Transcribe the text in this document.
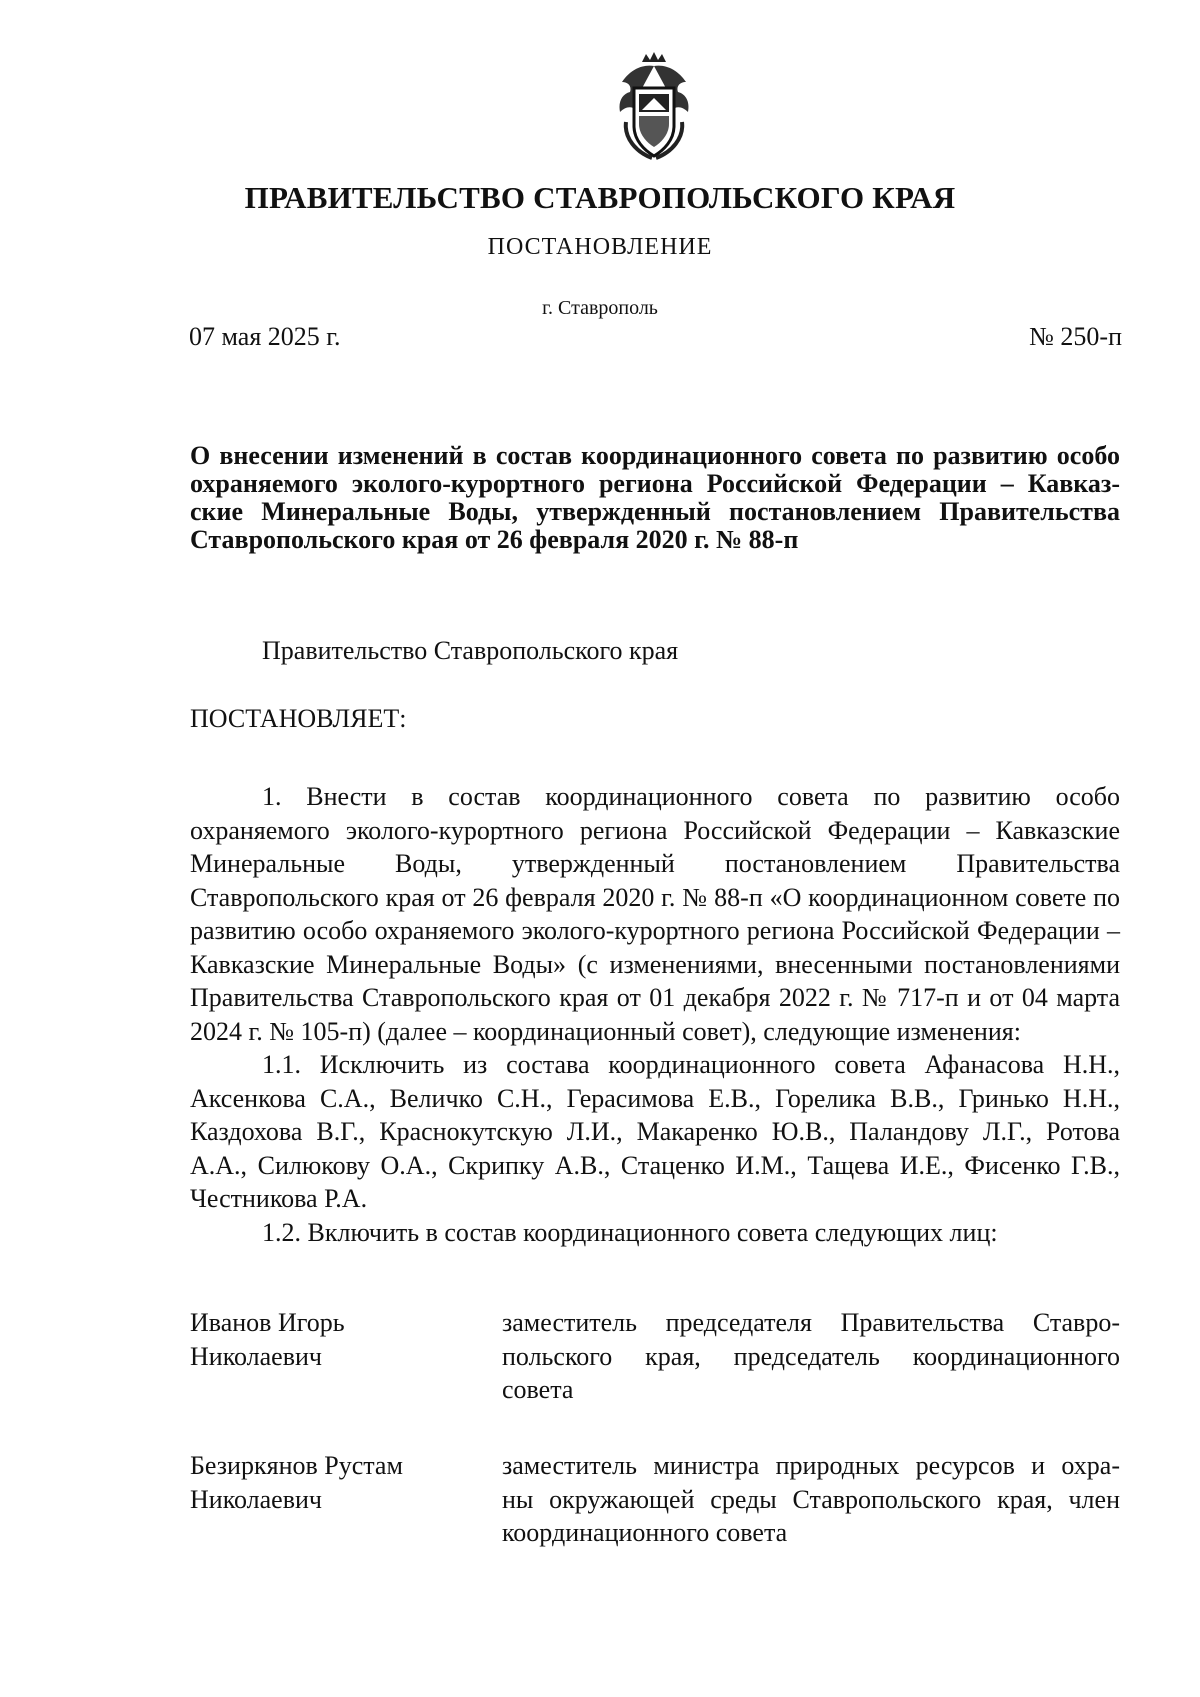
ПРАВИТЕЛЬСТВО СТАВРОПОЛЬСКОГО КРАЯ
ПОСТАНОВЛЕНИЕ
г. Ставрополь
07 мая 2025 г.	№ 250-п
О внесении изменений в состав координационного совета по развитию особо
охраняемого эколого-курортного региона Российской Федерации – Кавказ-
ские Минеральные Воды, утвержденный постановлением Правительства
Ставропольского края от 26 февраля 2020 г. № 88-п
Правительство Ставропольского края
ПОСТАНОВЛЯЕТ:

1. Внести в состав координационного совета по развитию особо охраняемого эколого-курортного региона Российской Федерации – Кавказские Минеральные Воды, утвержденный постановлением Правительства Ставропольского края от 26 февраля 2020 г. № 88-п «О координационном совете по развитию особо охраняемого эколого-курортного региона Российской Федерации – Кавказские Минеральные Воды» (с изменениями, внесенными постановлениями Правительства Ставропольского края от 01 декабря 2022 г. № 717-п и от 04 марта 2024 г. № 105-п) (далее – координационный совет), следующие изменения:

1.1. Исключить из состава координационного совета Афанасова Н.Н., Аксенкова С.А., Величко С.Н., Герасимова Е.В., Горелика В.В., Гринько Н.Н., Каздохова В.Г., Краснокутскую Л.И., Макаренко Ю.В., Паландову Л.Г., Ротова А.А., Силюкову О.А., Скрипку А.В., Стаценко И.М., Тащева И.Е., Фисенко Г.В., Честникова Р.А.

1.2. Включить в состав координационного совета следующих лиц:

Иванов Игорь
Николаевич
заместитель председателя Правительства Ставро-
польского края, председатель координационного
совета
Безиркянов Рустам
Николаевич
заместитель министра природных ресурсов и охра-
ны окружающей среды Ставропольского края, член
координационного совета
